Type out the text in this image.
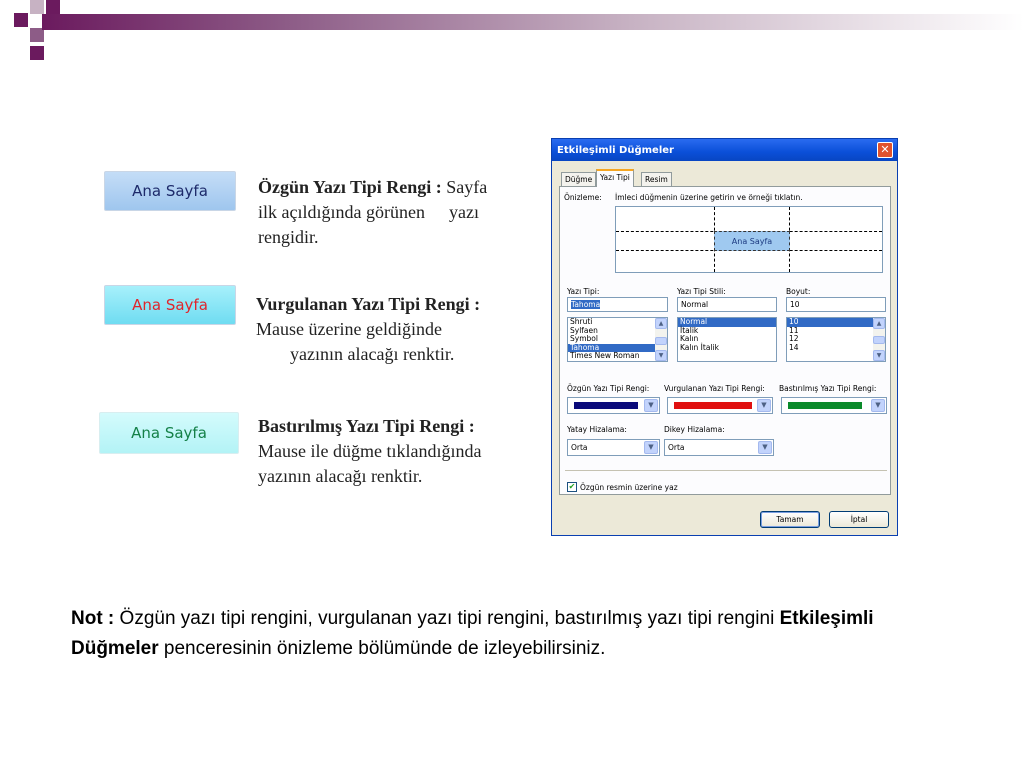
Ana Sayfa	Özgün Yazı Tipi Rengi : Sayfa
ilk açıldığında görünen yazı
rengidir.
Ana Sayfa	Vurgulanan Yazı Tipi Rengi :
Mause üzerine geldiğinde
yazının alacağı renktir.
Ana Sayfa	Bastırılmış Yazı Tipi Rengi :
Mause ile düğme tıklandığında
yazının alacağı renktir.
Etkileşimli Düğmeler	✕
Düğme	Yazı Tipi	Resim
Önizleme: İmleci düğmenin üzerine getirin ve örneği tıklatın.
Ana Sayfa
Yazı Tipi:
Tahoma
Shruti
Sylfaen
Symbol
Tahoma
Times New Roman
▲
▼
Yazı Tipi Stili:
Normal
Normal
İtalik
Kalın
Kalın İtalik
Boyut:
10
10
11
12
14
▲
▼
Özgün Yazı Tipi Rengi:
▼
Vurgulanan Yazı Tipi Rengi:
▼
Bastırılmış Yazı Tipi Rengi:
▼
Yatay Hizalama:
Orta	▼
Dikey Hizalama:
Orta	▼
✔ Özgün resmin üzerine yaz
Tamam	İptal
Not : Özgün yazı tipi rengini, vurgulanan yazı tipi rengini, bastırılmış yazı tipi rengini Etkileşimli Düğmeler penceresinin önizleme bölümünde de izleyebilirsiniz.
